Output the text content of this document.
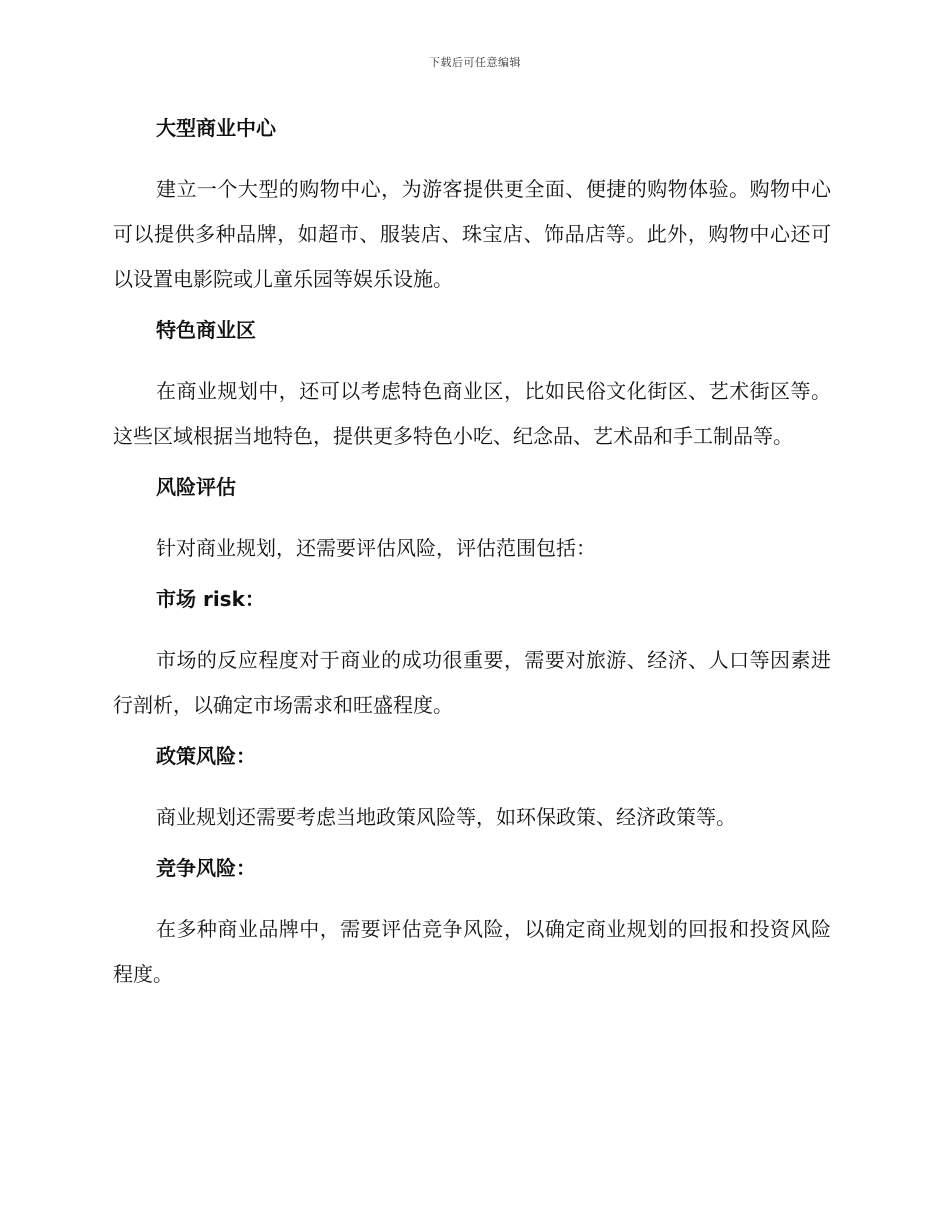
下载后可任意编辑
大型商业中心
建立一个大型的购物中心，为游客提供更全面、便捷的购物体验。购物中心可以提供多种品牌，如超市、服装店、珠宝店、饰品店等。此外，购物中心还可以设置电影院或儿童乐园等娱乐设施。
特色商业区
在商业规划中，还可以考虑特色商业区，比如民俗文化街区、艺术街区等。这些区域根据当地特色，提供更多特色小吃、纪念品、艺术品和手工制品等。
风险评估
针对商业规划，还需要评估风险，评估范围包括：
市场 risk：
市场的反应程度对于商业的成功很重要，需要对旅游、经济、人口等因素进行剖析，以确定市场需求和旺盛程度。
政策风险：
商业规划还需要考虑当地政策风险等，如环保政策、经济政策等。
竞争风险：
在多种商业品牌中，需要评估竞争风险，以确定商业规划的回报和投资风险程度。
